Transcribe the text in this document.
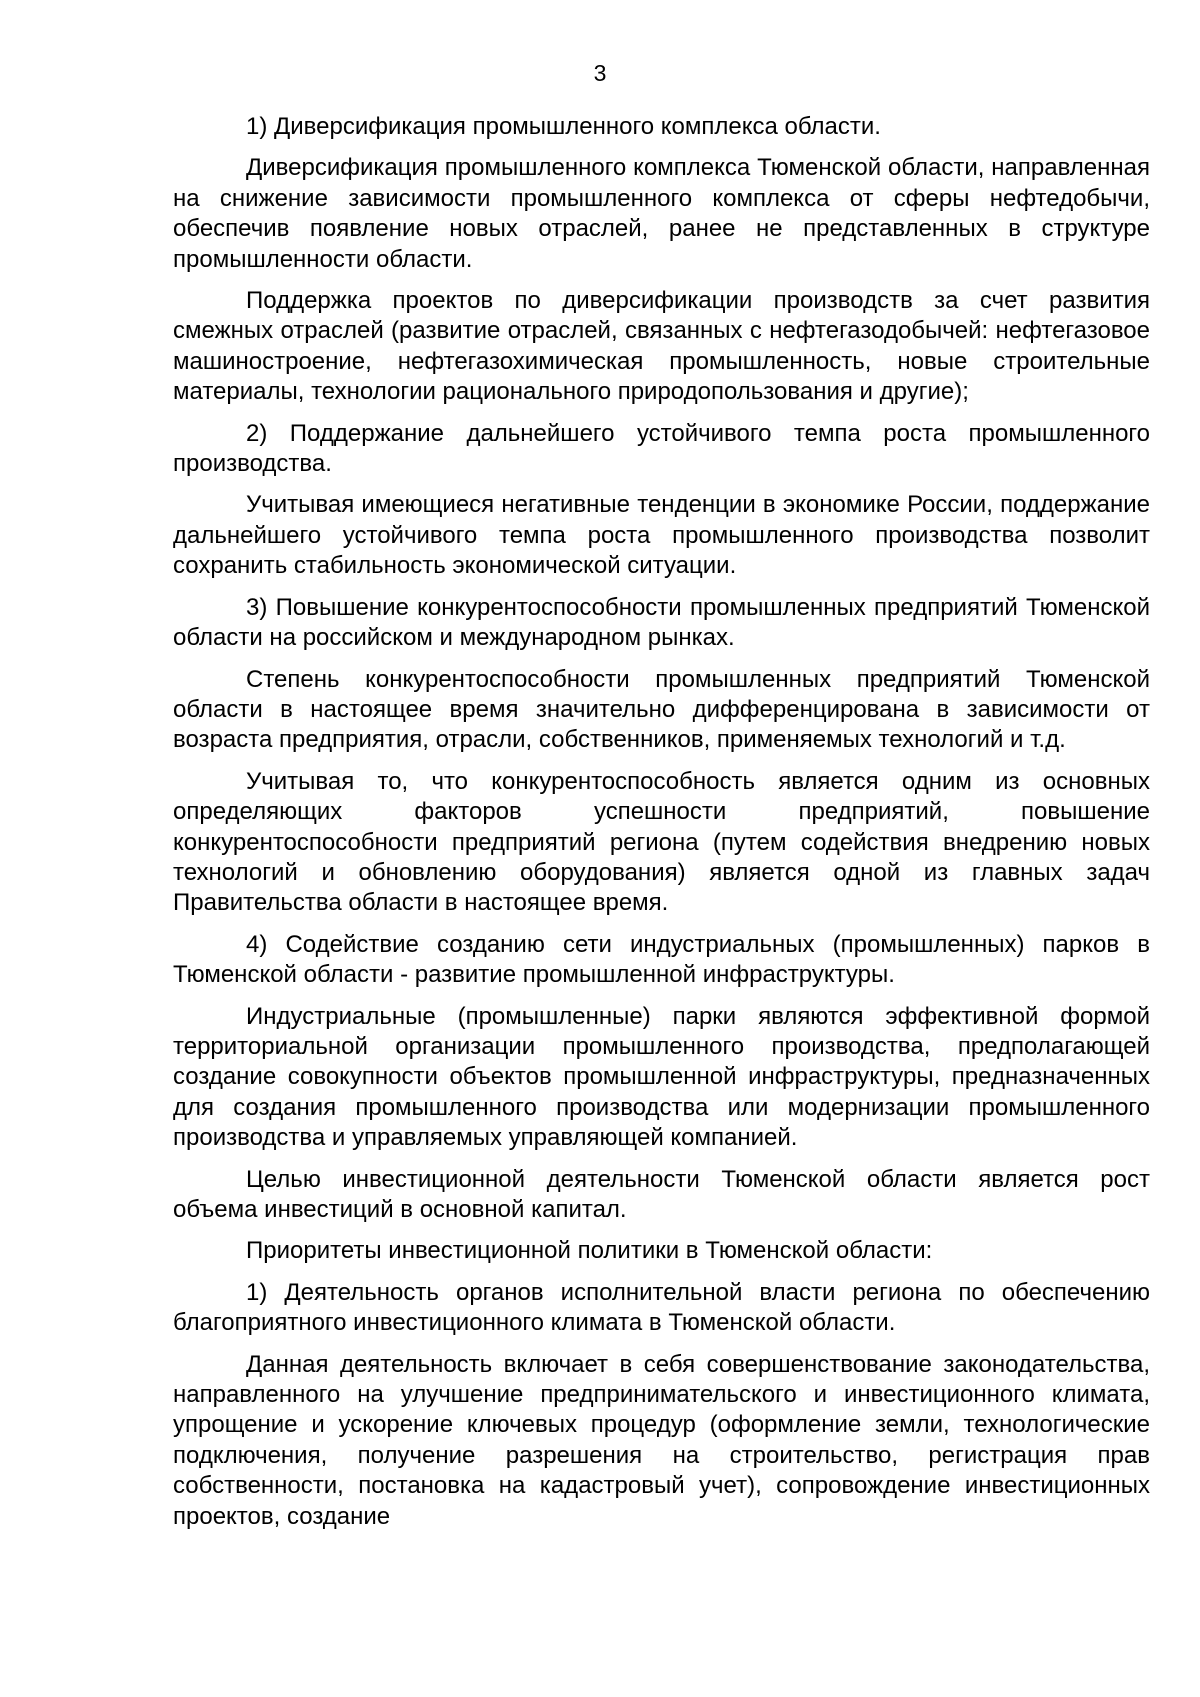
3

1) Диверсификация промышленного комплекса области.

Диверсификация промышленного комплекса Тюменской области, направленная на снижение зависимости промышленного комплекса от сферы нефтедобычи, обеспечив появление новых отраслей, ранее не представленных в структуре промышленности области.

Поддержка проектов по диверсификации производств за счет развития смежных отраслей (развитие отраслей, связанных с нефтегазодобычей: нефтегазовое машиностроение, нефтегазохимическая промышленность, новые строительные материалы, технологии рационального природопользования и другие);

2) Поддержание дальнейшего устойчивого темпа роста промышленного производства.

Учитывая имеющиеся негативные тенденции в экономике России, поддержание дальнейшего устойчивого темпа роста промышленного производства позволит сохранить стабильность экономической ситуации.

3) Повышение конкурентоспособности промышленных предприятий Тюменской области на российском и международном рынках.

Степень конкурентоспособности промышленных предприятий Тюменской области в настоящее время значительно дифференцирована в зависимости от возраста предприятия, отрасли, собственников, применяемых технологий и т.д.

Учитывая то, что конкурентоспособность является одним из основных определяющих факторов успешности предприятий, повышение конкурентоспособности предприятий региона (путем содействия внедрению новых технологий и обновлению оборудования) является одной из главных задач Правительства области в настоящее время.

4) Содействие созданию сети индустриальных (промышленных) парков в Тюменской области - развитие промышленной инфраструктуры.

Индустриальные (промышленные) парки являются эффективной формой территориальной организации промышленного производства, предполагающей создание совокупности объектов промышленной инфраструктуры, предназначенных для создания промышленного производства или модернизации промышленного производства и управляемых управляющей компанией.

Целью инвестиционной деятельности Тюменской области является рост объема инвестиций в основной капитал.

Приоритеты инвестиционной политики в Тюменской области:

1) Деятельность органов исполнительной власти региона по обеспечению благоприятного инвестиционного климата в Тюменской области.

Данная деятельность включает в себя совершенствование законодательства, направленного на улучшение предпринимательского и инвестиционного климата, упрощение и ускорение ключевых процедур (оформление земли, технологические подключения, получение разрешения на строительство, регистрация прав собственности, постановка на кадастровый учет), сопровождение инвестиционных проектов, создание
